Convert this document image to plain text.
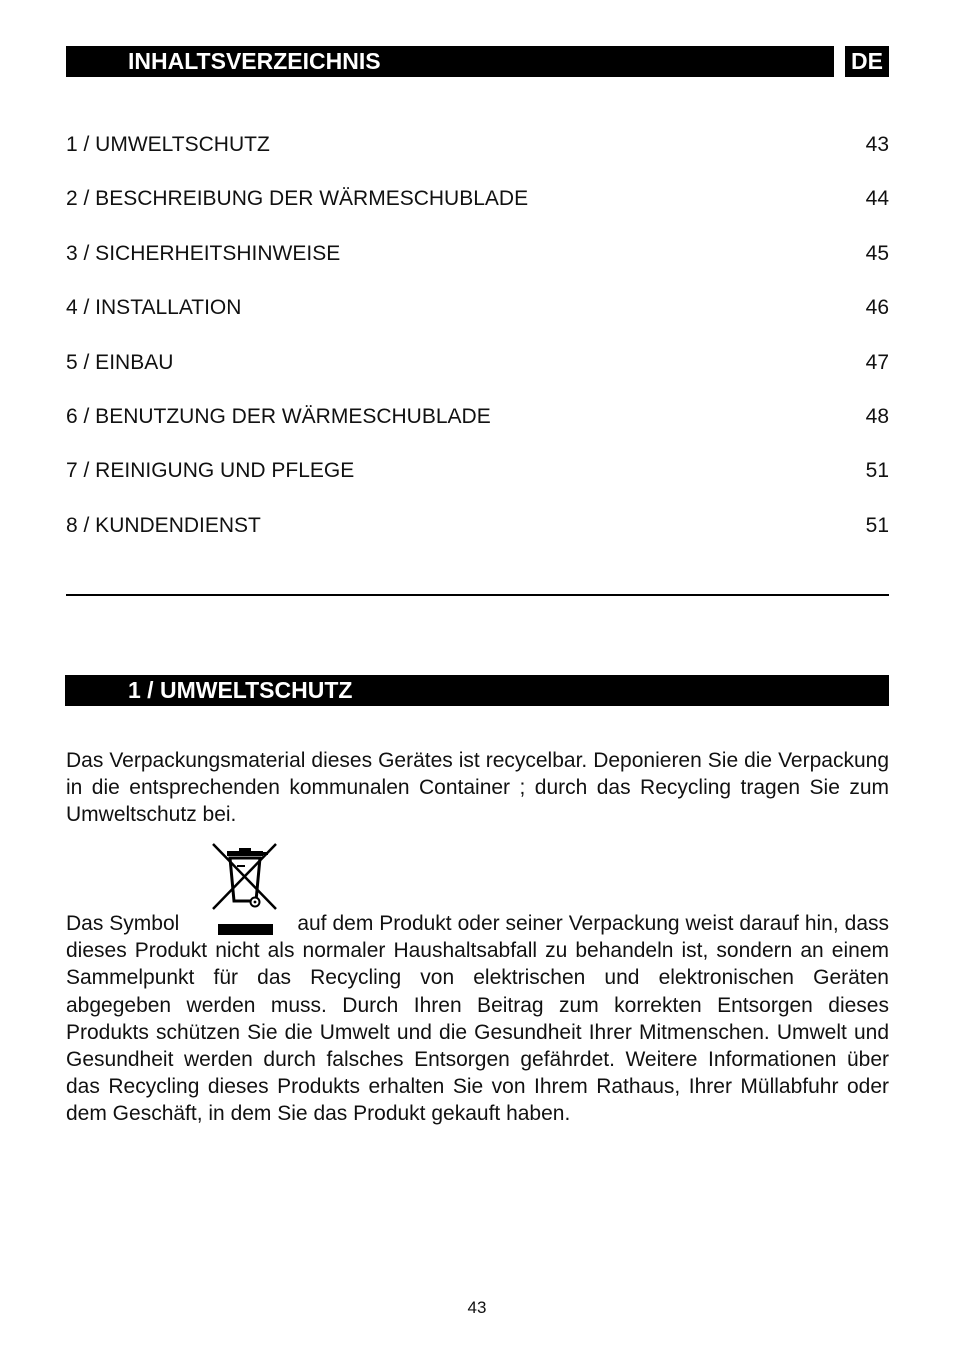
INHALTSVERZEICHNIS	DE
1 / UMWELTSCHUTZ	43
2 / BESCHREIBUNG DER WÄRMESCHUBLADE	44
3 / SICHERHEITSHINWEISE	45
4 / INSTALLATION	46
5 / EINBAU	47
6 / BENUTZUNG DER WÄRMESCHUBLADE	48
7 / REINIGUNG UND PFLEGE	51
8 / KUNDENDIENST	51
1 / UMWELTSCHUTZ

Das Verpackungsmaterial dieses Gerätes ist recycelbar. Deponieren Sie die Verpackung in die entsprechenden kommunalen Container ; durch das Recycling tragen Sie zum Umweltschutz bei.

Das Symbol	auf dem Produkt oder seiner Verpackung weist darauf hin, dass dieses Produkt nicht als normaler Haushaltsabfall zu behandeln ist, sondern an einem Sammelpunkt für das Recycling von elektrischen und elektronischen Geräten abgegeben werden muss. Durch Ihren Beitrag zum korrekten Entsorgen dieses Produkts schützen Sie die Umwelt und die Gesundheit Ihrer Mitmenschen. Umwelt und Gesundheit werden durch falsches Entsorgen gefährdet. Weitere Informationen über das Recycling dieses Produkts erhalten Sie von Ihrem Rathaus, Ihrer Müllabfuhr oder dem Geschäft, in dem Sie das Produkt gekauft haben.

43
